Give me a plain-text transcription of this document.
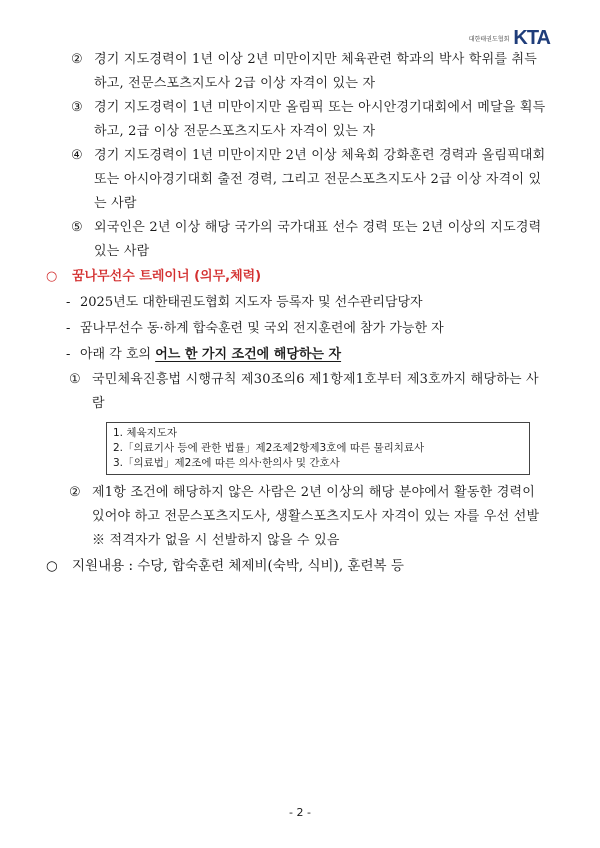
대한태권도협회 KTA
② 경기 지도경력이 1년 이상 2년 미만이지만 체육관련 학과의 박사 학위를 취득하고, 전문스포츠지도사 2급 이상 자격이 있는 자
③ 경기 지도경력이 1년 미만이지만 올림픽 또는 아시안경기대회에서 메달을 획득하고, 2급 이상 전문스포츠지도사 자격이 있는 자
④ 경기 지도경력이 1년 미만이지만 2년 이상 체육회 강화훈련 경력과 올림픽대회 또는 아시아경기대회 출전 경력, 그리고 전문스포츠지도사 2급 이상 자격이 있는 사람
⑤ 외국인은 2년 이상 해당 국가의 국가대표 선수 경력 또는 2년 이상의 지도경력 있는 사람
○ 꿈나무선수 트레이너 (의무,체력)
- 2025년도 대한태권도협회 지도자 등록자 및 선수관리담당자
- 꿈나무선수 동·하계 합숙훈련 및 국외 전지훈련에 참가 가능한 자
- 아래 각 호의 어느 한 가지 조건에 해당하는 자
① 국민체육진흥법 시행규칙 제30조의6 제1항제1호부터 제3호까지 해당하는 사람
1. 체육지도자
2.「의료기사 등에 관한 법률」제2조제2항제3호에 따른 물리치료사
3.「의료법」제2조에 따른 의사·한의사 및 간호사
② 제1항 조건에 해당하지 않은 사람은 2년 이상의 해당 분야에서 활동한 경력이 있어야 하고 전문스포츠지도사, 생활스포츠지도사 자격이 있는 자를 우선 선발 ※ 적격자가 없을 시 선발하지 않을 수 있음
○ 지원내용 : 수당, 합숙훈련 체제비(숙박, 식비), 훈련복 등
- 2 -
